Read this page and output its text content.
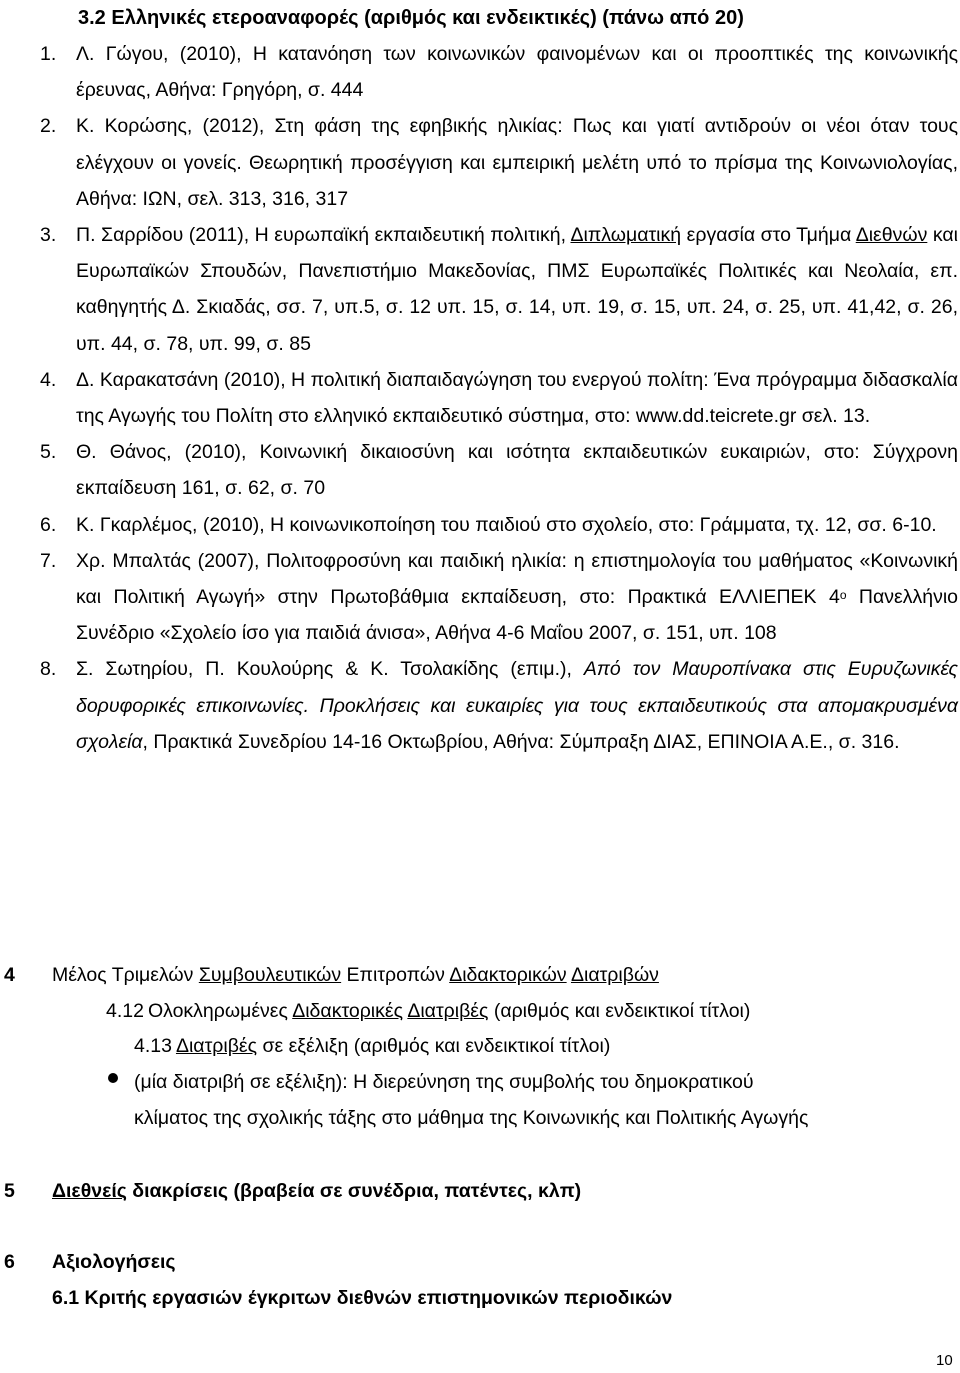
3.2 Ελληνικές ετεροαναφορές (αριθμός και ενδεικτικές) (πάνω από 20)
1. Λ. Γώγου, (2010), Η κατανόηση των κοινωνικών φαινομένων και οι προοπτικές της κοινωνικής έρευνας, Αθήνα: Γρηγόρη, σ. 444
2. Κ. Κορώσης, (2012), Στη φάση της εφηβικής ηλικίας: Πως και γιατί αντιδρούν οι νέοι όταν τους ελέγχουν οι γονείς. Θεωρητική προσέγγιση και εμπειρική μελέτη υπό το πρίσμα της Κοινωνιολογίας, Αθήνα: ΙΩΝ, σελ. 313, 316, 317
3. Π. Σαρρίδου (2011), Η ευρωπαϊκή εκπαιδευτική πολιτική, Διπλωματική εργασία στο Τμήμα Διεθνών και Ευρωπαϊκών Σπουδών, Πανεπιστήμιο Μακεδονίας, ΠΜΣ Ευρωπαϊκές Πολιτικές και Νεολαία, επ. καθηγητής Δ. Σκιαδάς, σσ. 7, υπ.5, σ. 12 υπ. 15, σ. 14, υπ. 19, σ. 15, υπ. 24, σ. 25, υπ. 41,42, σ. 26, υπ. 44, σ. 78, υπ. 99, σ. 85
4. Δ. Καρακατσάνη (2010), Η πολιτική διαπαιδαγώγηση του ενεργού πολίτη: Ένα πρόγραμμα διδασκαλία της Αγωγής του Πολίτη στο ελληνικό εκπαιδευτικό σύστημα, στο: www.dd.teicrete.gr σελ. 13.
5. Θ. Θάνος, (2010), Κοινωνική δικαιοσύνη και ισότητα εκπαιδευτικών ευκαιριών, στο: Σύγχρονη εκπαίδευση 161, σ. 62, σ. 70
6. Κ. Γκαρλέμος, (2010), Η κοινωνικοποίηση του παιδιού στο σχολείο, στο: Γράμματα, τχ. 12, σσ. 6-10.
7. Χρ. Μπαλτάς (2007), Πολιτοφροσύνη και παιδική ηλικία: η επιστημολογία του μαθήματος «Κοινωνική και Πολιτική Αγωγή» στην Πρωτοβάθμια εκπαίδευση, στο: Πρακτικά ΕΛΛΙΕΠΕΚ $4^o$ Πανελλήνιο Συνέδριο «Σχολείο ίσο για παιδιά άνισα», Αθήνα 4-6 Μαΐου 2007, σ. 151, υπ. 108
8. Σ. Σωτηρίου, Π. Κουλούρης & Κ. Τσολακίδης (επιμ.), Από τον Μαυροπίνακα στις Ευρυζωνικές δορυφορικές επικοινωνίες. Προκλήσεις και ευκαιρίες για τους εκπαιδευτικούς στα απομακρυσμένα σχολεία, Πρακτικά Συνεδρίου 14-16 Οκτωβρίου, Αθήνα: Σύμπραξη ΔΙΑΣ, ΕΠΙΝΟΙΑ Α.Ε., σ. 316.
4 Μέλος Τριμελών Συμβουλευτικών Επιτροπών Διδακτορικών Διατριβών
4.12 Ολοκληρωμένες Διδακτορικές Διατριβές (αριθμός και ενδεικτικοί τίτλοι)
4.13 Διατριβές σε εξέλιξη (αριθμός και ενδεικτικοί τίτλοι)
(μία διατριβή σε εξέλιξη): Η διερεύνηση της συμβολής του δημοκρατικού
κλίματος της σχολικής τάξης στο μάθημα της Κοινωνικής και Πολιτικής Αγωγής
5 Διεθνείς διακρίσεις (βραβεία σε συνέδρια, πατέντες, κλπ)
6 Αξιολογήσεις
6.1 Κριτής εργασιών έγκριτων διεθνών επιστημονικών περιοδικών
10
